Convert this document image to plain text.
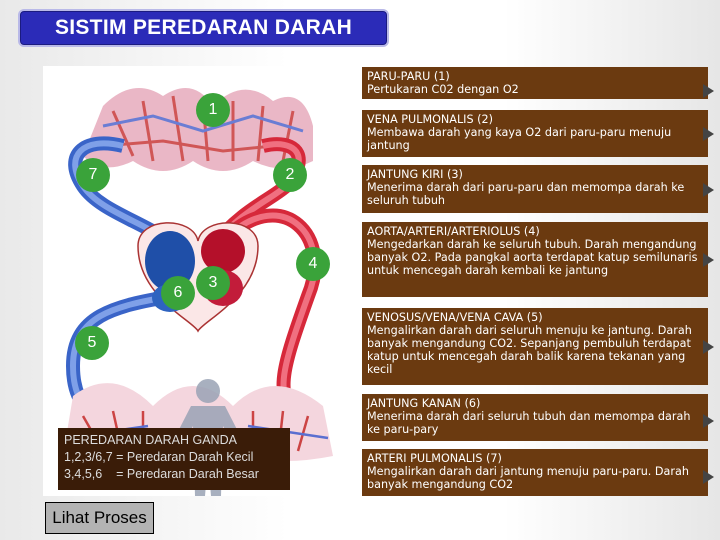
SISTIM PEREDARAN DARAH
1
2
3
4
5
6
7
PEREDARAN DARAH GANDA
1,2,3/6,7 = Peredaran Darah Kecil
3,4,5,6    = Peredaran Darah Besar
Lihat Proses
PARU-PARU (1)
Pertukaran C02 dengan O2
VENA PULMONALIS (2)
Membawa darah yang kaya O2 dari paru-paru menuju jantung
JANTUNG KIRI (3)
Menerima darah dari paru-paru dan memompa darah ke seluruh tubuh
AORTA/ARTERI/ARTERIOLUS (4)
Mengedarkan darah ke seluruh tubuh. Darah mengandung banyak O2. Pada pangkal aorta terdapat katup semilunaris untuk mencegah darah kembali ke jantung
VENOSUS/VENA/VENA CAVA (5)
Mengalirkan darah dari seluruh menuju ke jantung. Darah banyak mengandung CO2. Sepanjang pembuluh terdapat katup untuk mencegah darah balik karena tekanan yang kecil
JANTUNG KANAN (6)
Menerima darah dari seluruh tubuh dan memompa darah ke paru-pary
ARTERI PULMONALIS (7)
Mengalirkan darah dari jantung menuju paru-paru. Darah banyak mengandung CO2
